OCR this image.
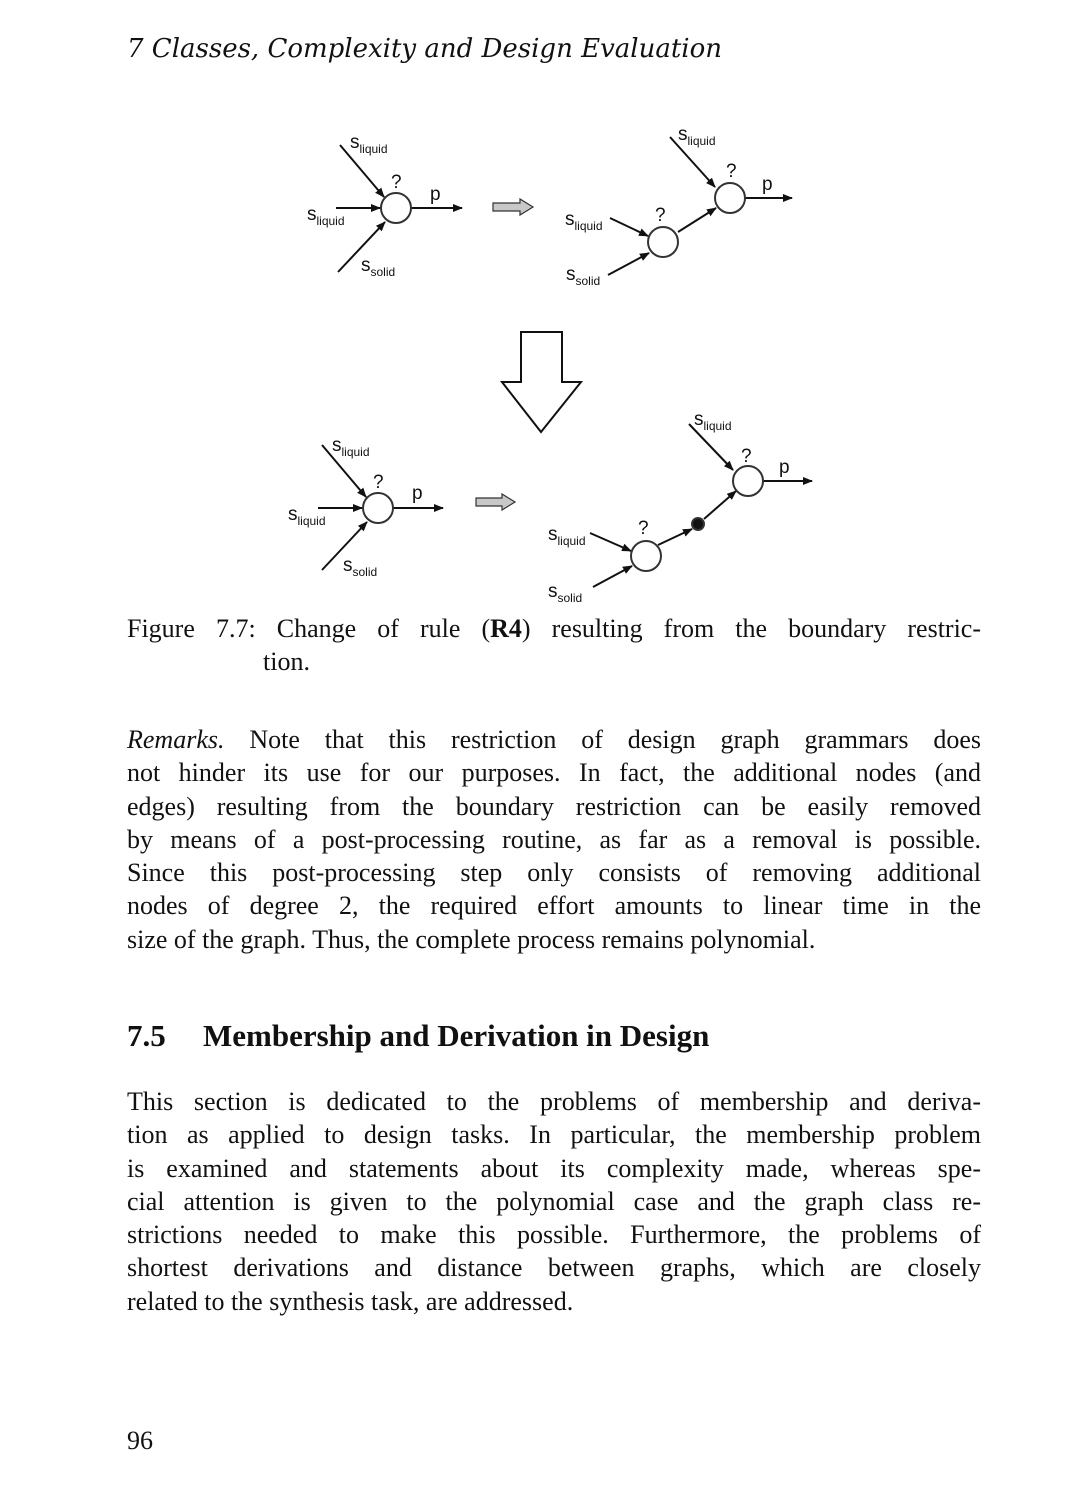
7 Classes, Complexity and Design Evaluation
$s_{liquid}$
$s_{liquid}$
$s_{solid}$
?
p
$s_{liquid}$
$s_{liquid}$
$s_{solid}$
?
p
?
$s_{liquid}$
$s_{liquid}$
$s_{solid}$
?
p
$s_{liquid}$
$s_{liquid}$
$s_{solid}$
?
p
?
Figure 7.7: Change of rule (R4) resulting from the boundary restric-
tion.
Remarks. Note that this restriction of design graph grammars does
not hinder its use for our purposes. In fact, the additional nodes (and
edges) resulting from the boundary restriction can be easily removed
by means of a post-processing routine, as far as a removal is possible.
Since this post-processing step only consists of removing additional
nodes of degree 2, the required effort amounts to linear time in the
size of the graph. Thus, the complete process remains polynomial.
7.5 Membership and Derivation in Design
This section is dedicated to the problems of membership and deriva-
tion as applied to design tasks. In particular, the membership problem
is examined and statements about its complexity made, whereas spe-
cial attention is given to the polynomial case and the graph class re-
strictions needed to make this possible. Furthermore, the problems of
shortest derivations and distance between graphs, which are closely
related to the synthesis task, are addressed.
96
